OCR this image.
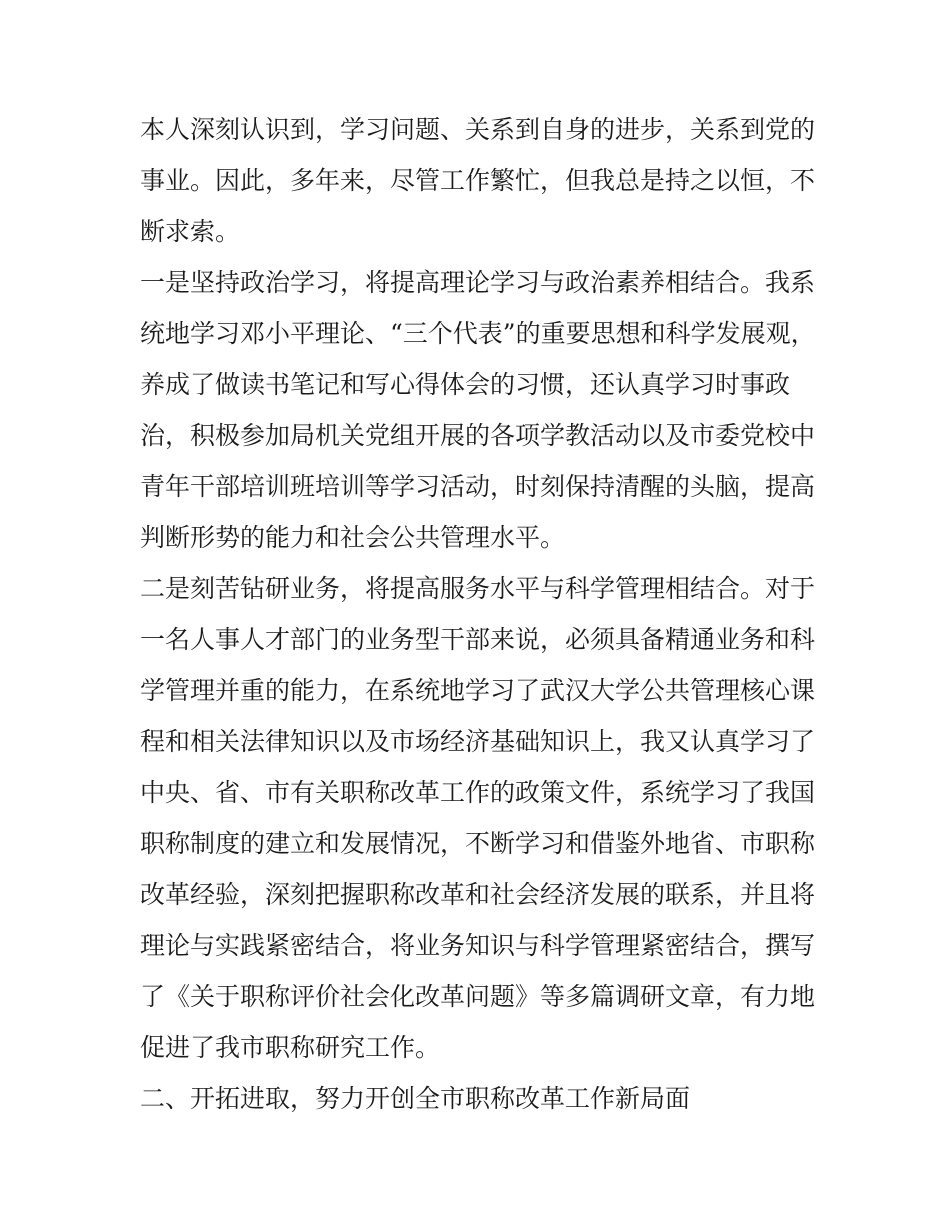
本人深刻认识到，学习问题、关系到自身的进步，关系到党的
事业。因此，多年来，尽管工作繁忙，但我总是持之以恒，不
断求索。
一是坚持政治学习，将提高理论学习与政治素养相结合。我系
统地学习邓小平理论、“三个代表”的重要思想和科学发展观，
养成了做读书笔记和写心得体会的习惯，还认真学习时事政
治，积极参加局机关党组开展的各项学教活动以及市委党校中
青年干部培训班培训等学习活动，时刻保持清醒的头脑，提高
判断形势的能力和社会公共管理水平。
二是刻苦钻研业务，将提高服务水平与科学管理相结合。对于
一名人事人才部门的业务型干部来说，必须具备精通业务和科
学管理并重的能力，在系统地学习了武汉大学公共管理核心课
程和相关法律知识以及市场经济基础知识上，我又认真学习了
中央、省、市有关职称改革工作的政策文件，系统学习了我国
职称制度的建立和发展情况，不断学习和借鉴外地省、市职称
改革经验，深刻把握职称改革和社会经济发展的联系，并且将
理论与实践紧密结合，将业务知识与科学管理紧密结合，撰写
了《关于职称评价社会化改革问题》等多篇调研文章，有力地
促进了我市职称研究工作。
二、开拓进取，努力开创全市职称改革工作新局面
